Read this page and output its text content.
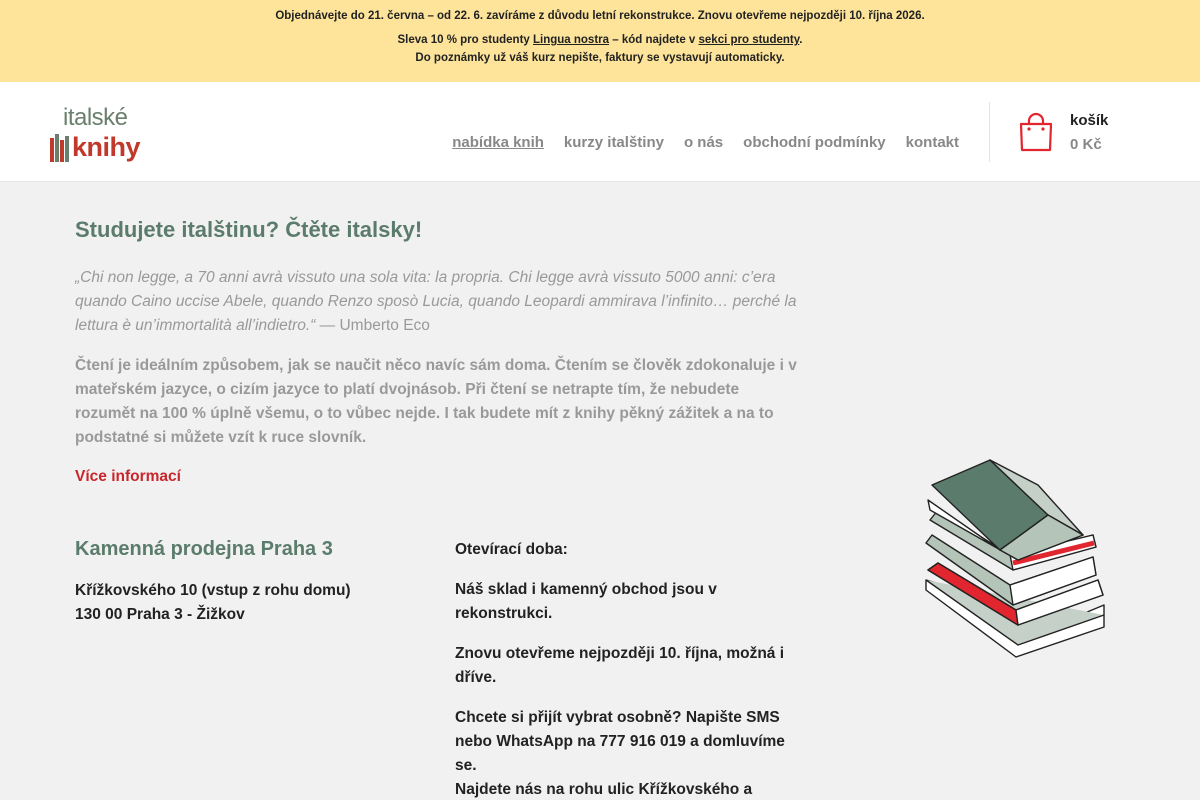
Objednávejte do 21. června – od 22. 6. zavíráme z důvodu letní rekonstrukce. Znovu otevřeme nejpozději 10. října 2026.
Sleva 10 % pro studenty Lingua nostra – kód najdete v sekci pro studenty.
Do poznámky už váš kurz nepište, faktury se vystavují automaticky.
italské
knihy	nabídka knih kurzy italštiny o nás obchodní podmínky kontakt
košík
0 Kč
Studujete italštinu? Čtěte italsky!

„Chi non legge, a 70 anni avrà vissuto una sola vita: la propria. Chi legge avrà vissuto 5000 anni: c’era quando Caino uccise Abele, quando Renzo sposò Lucia, quando Leopardi ammirava l’infinito… perché la lettura è un’immortalità all’indietro.“ — Umberto Eco

Čtení je ideálním způsobem, jak se naučit něco navíc sám doma. Čtením se člověk zdokonaluje i v mateřském jazyce, o cizím jazyce to platí dvojnásob. Při čtení se netrapte tím, že nebudete rozumět na 100 % úplně všemu, o to vůbec nejde. I tak budete mít z knihy pěkný zážitek a na to podstatné si můžete vzít k ruce slovník.

Více informací
Kamenná prodejna Praha 3
Křížkovského 10 (vstup z rohu domu)
130 00 Praha 3 - Žižkov

Otevírací doba:

Náš sklad i kamenný obchod jsou v rekonstrukci.

Znovu otevřeme nejpozději 10. října, možná i dříve.

Chcete si přijít vybrat osobně? Napište SMS nebo WhatsApp na 777 916 019 a domluvíme se.

Najdete nás na rohu ulic Křížkovského a
